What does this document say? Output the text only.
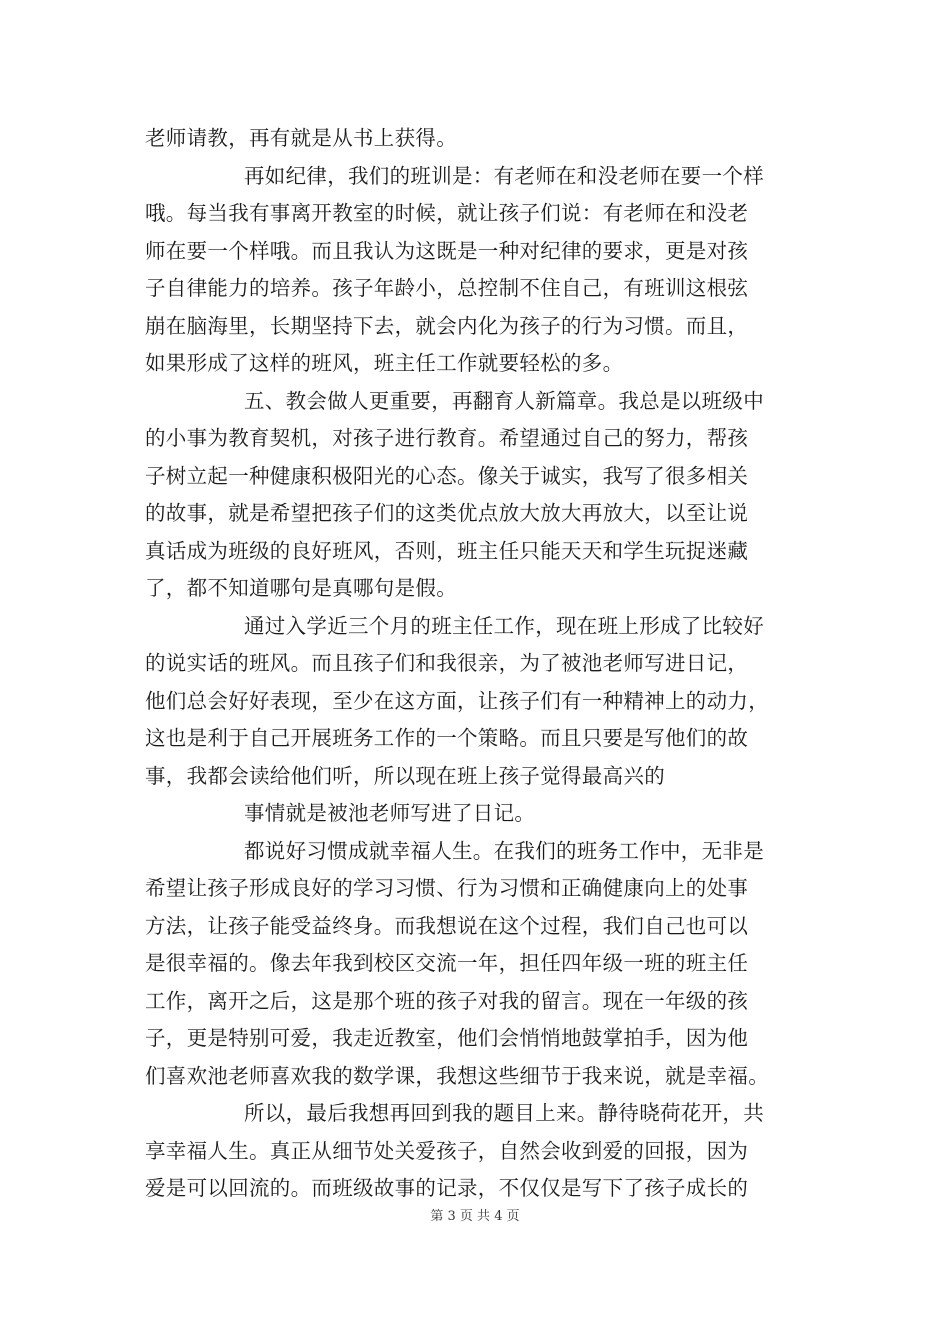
老师请教，再有就是从书上获得。
再如纪律，我们的班训是：有老师在和没老师在要一个样
哦。每当我有事离开教室的时候，就让孩子们说：有老师在和没老
师在要一个样哦。而且我认为这既是一种对纪律的要求，更是对孩
子自律能力的培养。孩子年龄小，总控制不住自己，有班训这根弦
崩在脑海里，长期坚持下去，就会内化为孩子的行为习惯。而且，
如果形成了这样的班风，班主任工作就要轻松的多。
五、教会做人更重要，再翻育人新篇章。我总是以班级中
的小事为教育契机，对孩子进行教育。希望通过自己的努力，帮孩
子树立起一种健康积极阳光的心态。像关于诚实，我写了很多相关
的故事，就是希望把孩子们的这类优点放大放大再放大，以至让说
真话成为班级的良好班风，否则，班主任只能天天和学生玩捉迷藏
了，都不知道哪句是真哪句是假。
通过入学近三个月的班主任工作，现在班上形成了比较好
的说实话的班风。而且孩子们和我很亲，为了被池老师写进日记，
他们总会好好表现，至少在这方面，让孩子们有一种精神上的动力，
这也是利于自己开展班务工作的一个策略。而且只要是写他们的故
事，我都会读给他们听，所以现在班上孩子觉得最高兴的
事情就是被池老师写进了日记。
都说好习惯成就幸福人生。在我们的班务工作中，无非是
希望让孩子形成良好的学习习惯、行为习惯和正确健康向上的处事
方法，让孩子能受益终身。而我想说在这个过程，我们自己也可以
是很幸福的。像去年我到校区交流一年，担任四年级一班的班主任
工作，离开之后，这是那个班的孩子对我的留言。现在一年级的孩
子，更是特别可爱，我走近教室，他们会悄悄地鼓掌拍手，因为他
们喜欢池老师喜欢我的数学课，我想这些细节于我来说，就是幸福。
所以，最后我想再回到我的题目上来。静待晓荷花开，共
享幸福人生。真正从细节处关爱孩子，自然会收到爱的回报，因为
爱是可以回流的。而班级故事的记录，不仅仅是写下了孩子成长的
第 3 页 共 4 页
